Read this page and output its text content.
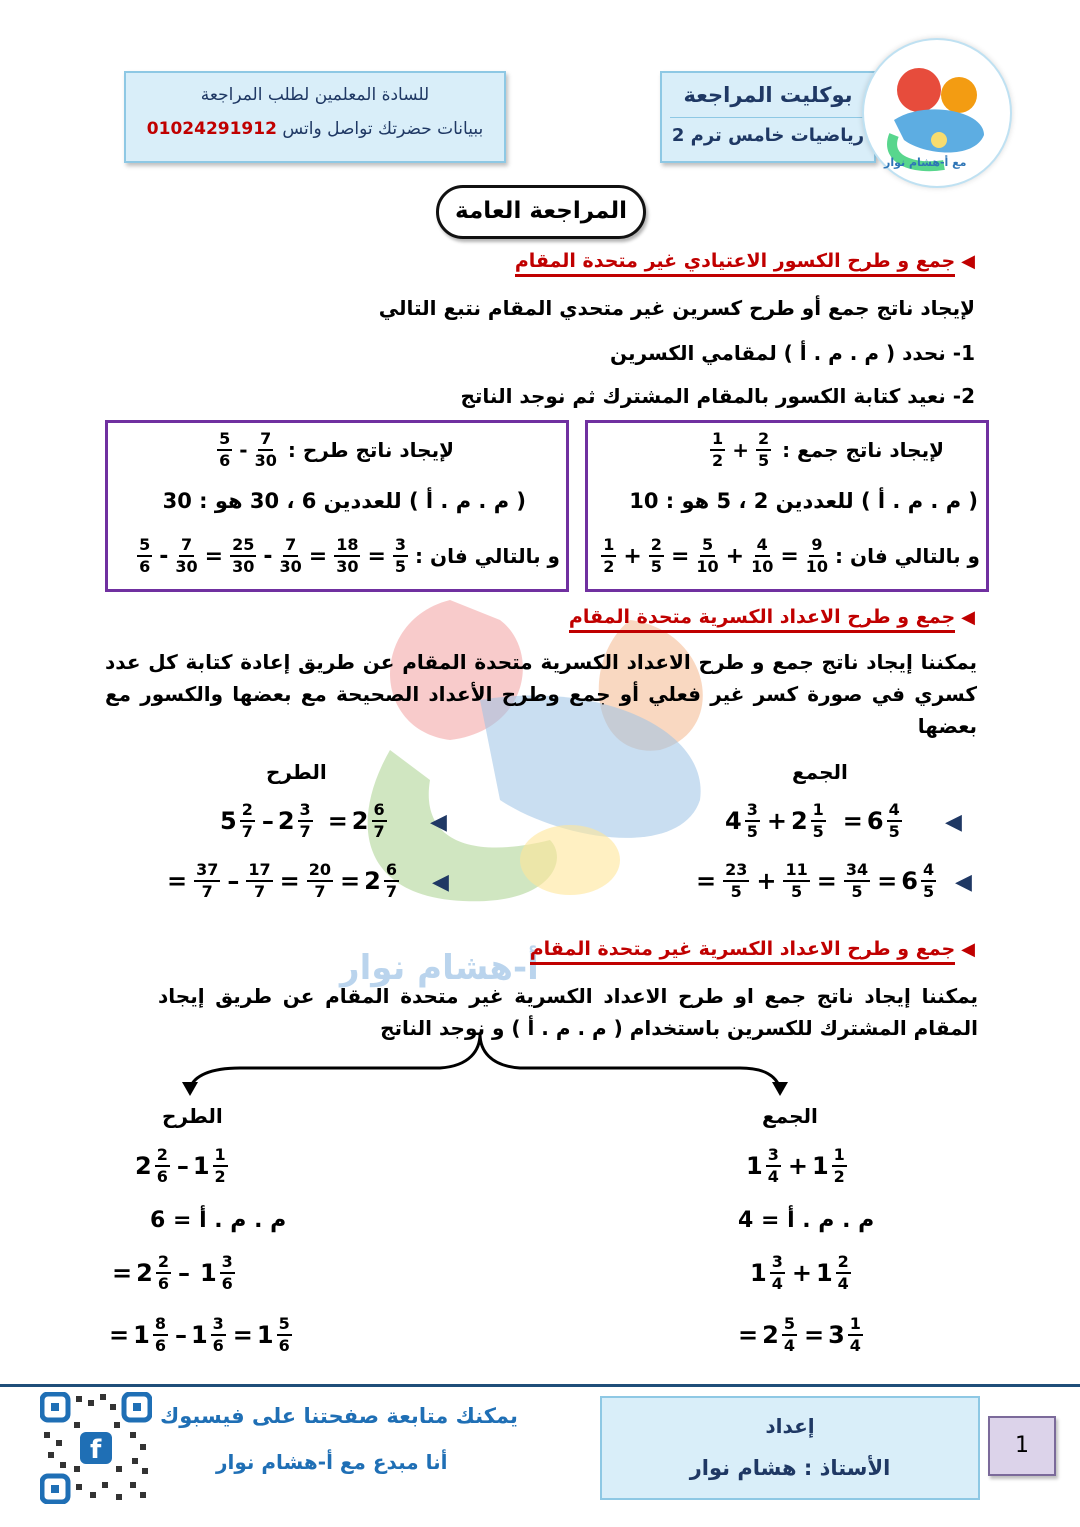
أ-هشام نوار
للسادة المعلمين لطلب المراجعة
ببيانات حضرتك تواصل واتس 01024291912
بوكليت المراجعة
رياضيات خامس ترم 2
مع أ-هشام نوار
المراجعة العامة
◀جمع و طرح الكسور الاعتيادي غير متحدة المقام
لإيجاد ناتج جمع أو طرح كسرين غير متحدي المقام نتبع التالي
1- نحدد ( م . م . أ ) لمقامي الكسرين
2- نعيد كتابة الكسور بالمقام المشترك ثم نوجد الناتج
لإيجاد ناتج جمع :
$\frac{1}{2} + \frac{2}{5}$
( م . م . أ ) للعددين 2 ، 5 هو : 10
و بالتالي فان :
$\frac{1}{2} + \frac{2}{5} = \frac{5}{10} + \frac{4}{10} = \frac{9}{10}$
لإيجاد ناتج طرح :
$\frac{5}{6} - \frac{7}{30}$
( م . م . أ ) للعددين 6 ، 30 هو : 30
و بالتالي فان :
$\frac{5}{6} - \frac{7}{30} = \frac{25}{30} - \frac{7}{30} = \frac{18}{30} = \frac{3}{5}$
◀جمع و طرح الاعداد الكسرية متحدة المقام
يمكننا إيجاد ناتج جمع و طرح الاعداد الكسرية متحدة المقام عن طريق إعادة كتابة كل عدد كسري في صورة كسر غير فعلي أو جمع وطرح الأعداد الصحيحة مع بعضها والكسور مع بعضها
الجمع
الطرح
$4 \frac{3}{5} + 2 \frac{1}{5} = 6 \frac{4}{5}$ ◀
= $\frac{23}{5} + \frac{11}{5} = \frac{34}{5} = 6 \frac{4}{5}$ ◀
$5 \frac{2}{7} - 2 \frac{3}{7} = 2 \frac{6}{7}$ ◀
= $\frac{37}{7} - \frac{17}{7} = \frac{20}{7} = 2 \frac{6}{7}$ ◀
◀جمع و طرح الاعداد الكسرية غير متحدة المقام
يمكننا إيجاد ناتج جمع او طرح الاعداد الكسرية غير متحدة المقام عن طريق إيجاد المقام المشترك للكسرين باستخدام ( م . م . أ ) و نوجد الناتج
الجمع
الطرح
$1 \frac{3}{4} + 1 \frac{1}{2}$
م . م . أ = 4
$1 \frac{3}{4} + 1 \frac{2}{4}$
= $2 \frac{5}{4} = 3 \frac{1}{4}$
$2 \frac{2}{6} - 1 \frac{1}{2}$
م . م . أ = 6
= $2 \frac{2}{6} - 1 \frac{3}{6}$
= $1 \frac{8}{6} - 1 \frac{3}{6} = 1 \frac{5}{6}$
f
يمكنك متابعة صفحتنا على فيسبوك
أنا مبدع مع أ-هشام نوار
إعداد
الأستاذ : هشام نوار
1
